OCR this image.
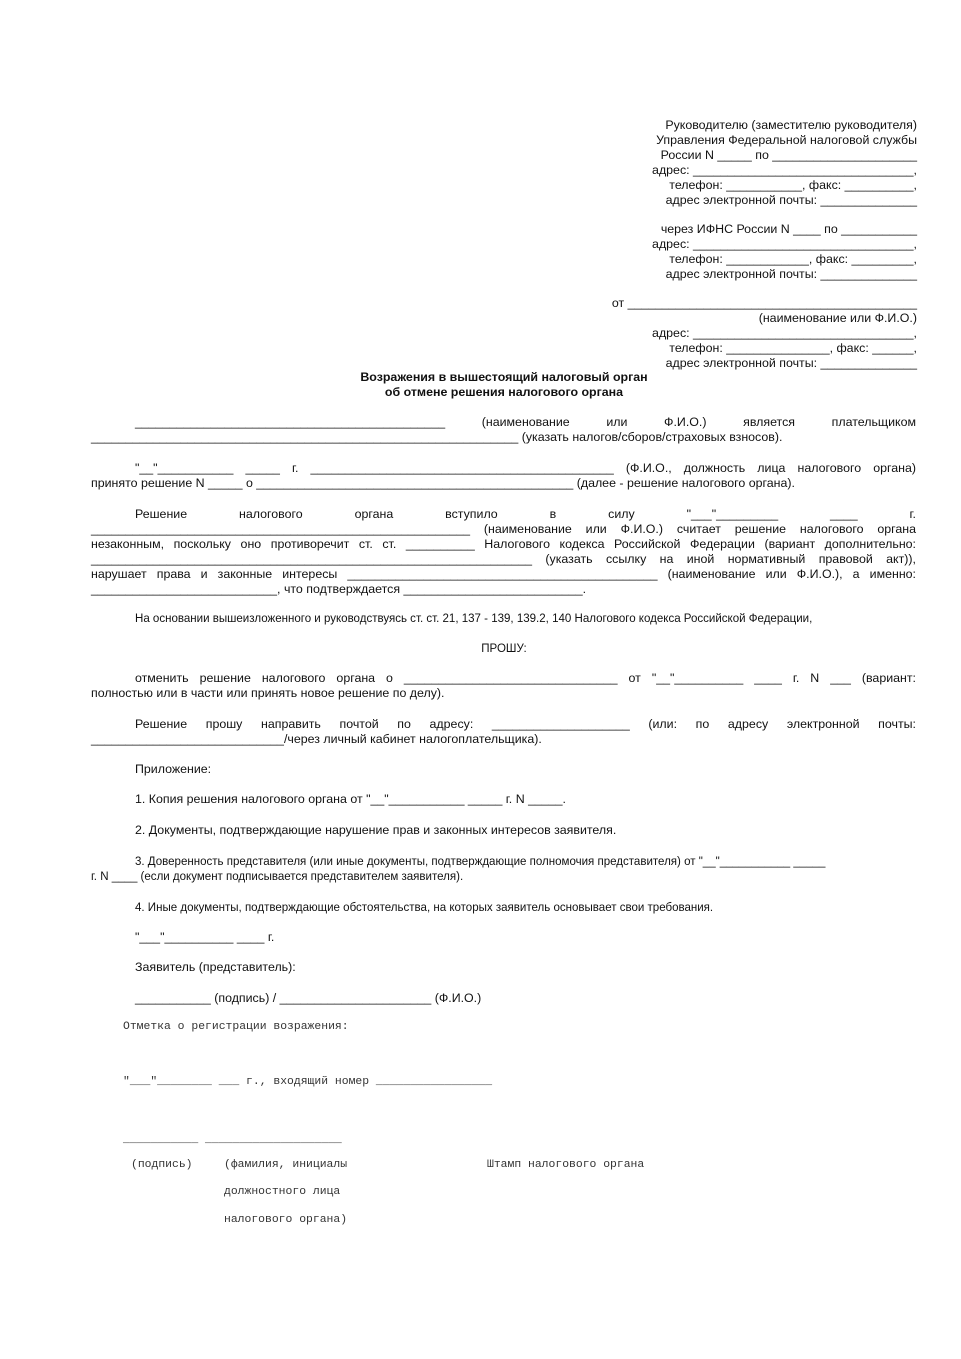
Руководителю (заместителю руководителя)
Управления Федеральной налоговой службы
России N _____ по _____________________
адрес: ________________________________,
телефон: ___________, факс: __________,
адрес электронной почты: ______________
через ИФНС России N ____ по ___________
адрес: ________________________________,
телефон: ____________, факс: _________,
адрес электронной почты: ______________
от __________________________________________
(наименование или Ф.И.О.)
адрес: ________________________________,
телефон: _______________, факс: ______,
адрес электронной почты: ______________
Возражения в вышестоящий налоговый орган
об отмене решения налогового органа
_____________________________________________ (наименование или Ф.И.О.) является плательщиком
______________________________________________________________ (указать налогов/сборов/страховых взносов).
"__"___________ _____ г. ____________________________________________ (Ф.И.О., должность лица налогового органа)
принято решение N _____ о ______________________________________________ (далее - решение налогового органа).
Решение налогового органа вступило в силу "___"_________ ____ г.
_______________________________________________________ (наименование или Ф.И.О.) считает решение налогового органа
незаконным, поскольку оно противоречит ст. ст. __________ Налогового кодекса Российской Федерации (вариант дополнительно:
________________________________________________________________ (указать ссылку на иной нормативный правовой акт)),
нарушает права и законные интересы _____________________________________________ (наименование или Ф.И.О.), а именно:
___________________________, что подтверждается __________________________.
На основании вышеизложенного и руководствуясь ст. ст. 21, 137 - 139, 139.2, 140 Налогового кодекса Российской Федерации,
ПРОШУ:
отменить решение налогового органа о _______________________________ от "__"__________ ____ г. N ___ (вариант:
полностью или в части или принять новое решение по делу).
Решение прошу направить почтой по адресу: ____________________ (или: по адресу электронной почты:
____________________________/через личный кабинет налогоплательщика).
Приложение:
1. Копия решения налогового органа от "__"___________ _____ г. N _____.
2. Документы, подтверждающие нарушение прав и законных интересов заявителя.
3. Доверенность представителя (или иные документы, подтверждающие полномочия представителя) от "__"___________ _____
г. N ____ (если документ подписывается представителем заявителя).
4. Иные документы, подтверждающие обстоятельства, на которых заявитель основывает свои требования.
"___"__________ ____ г.
Заявитель (представитель):
___________ (подпись) / ______________________ (Ф.И.О.)
Отметка о регистрации возражения:
"___"________ ___ г., входящий номер _________________
___________ ____________________
(подпись)	(фамилия, инициалы
должностного лица
налогового органа)
Штамп налогового органа
